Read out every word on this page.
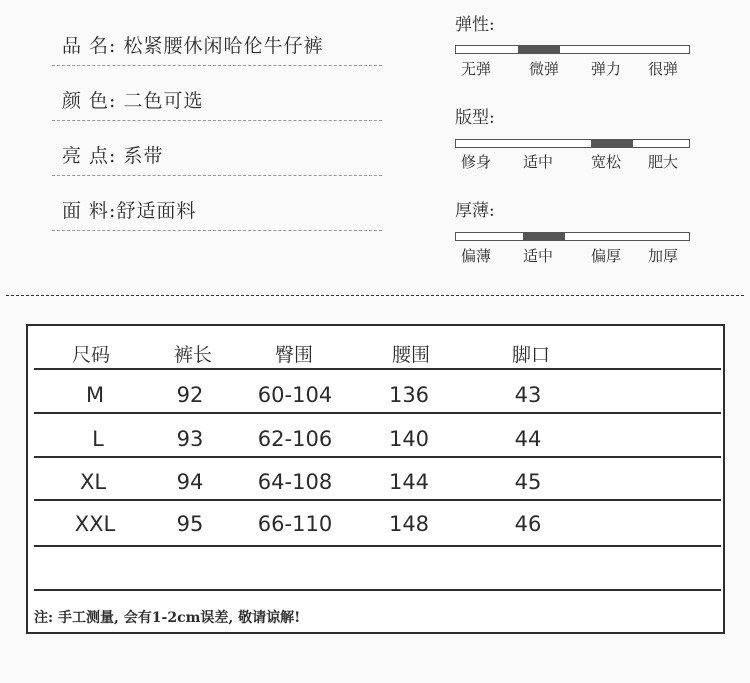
品 名: 松紧腰休闲哈伦牛仔裤
颜 色: 二色可选
亮 点: 系带
面 料:舒适面料
弹性:
无弹	微弹 弹力 很弹
版型:
修身 适中	宽松 肥大
厚薄:
偏薄 适中	偏厚 加厚
尺码	裤长	臀围	腰围	脚口
M	92	60-104	136	43
L	93	62-106	140	44
XL	94	64-108	144	45
XXL	95	66-110	148	46
注: 手工测量, 会有1-2cm误差, 敬请谅解!
